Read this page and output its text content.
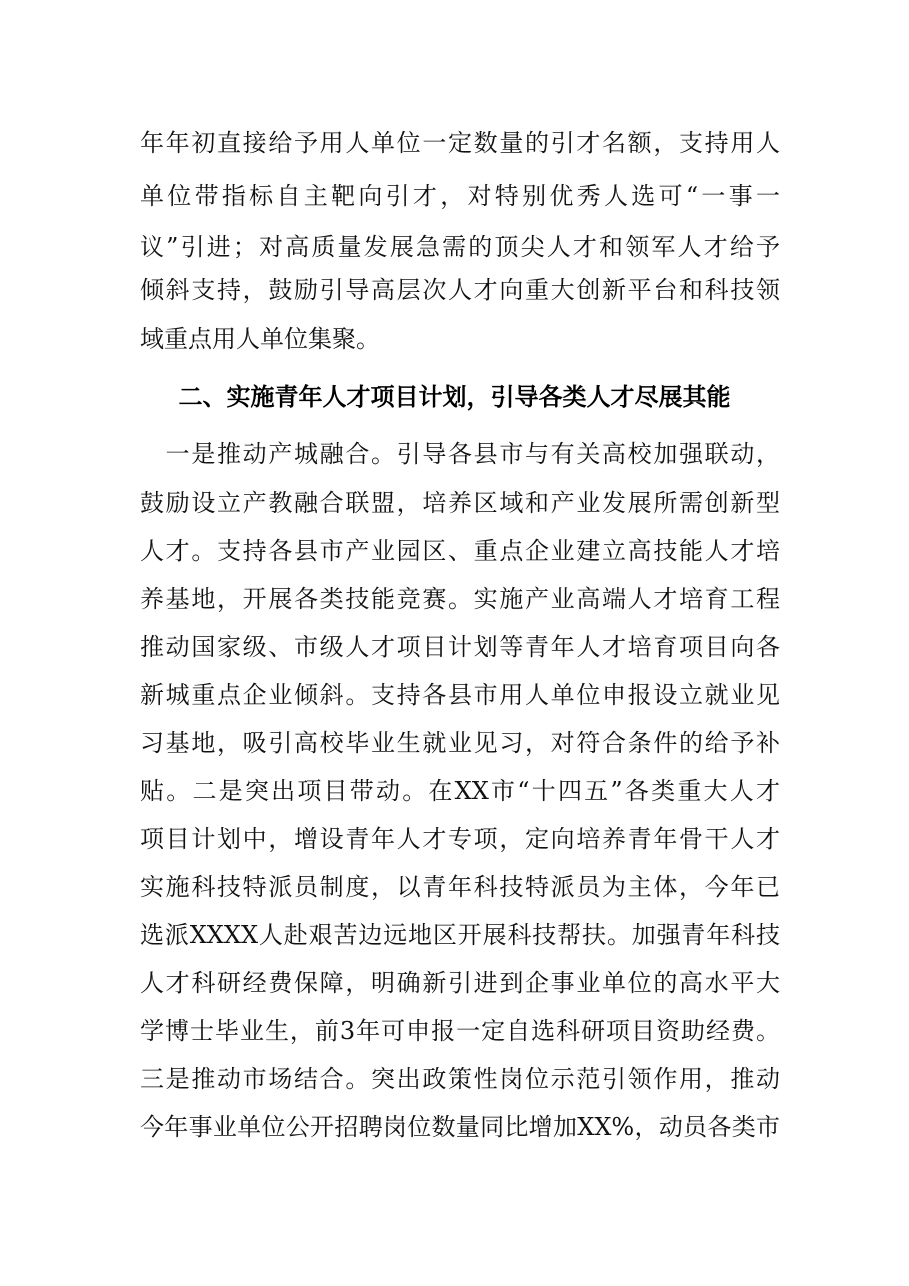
年年初直接给予用人单位一定数量的引才名额，支持用人
单位带指标自主靶向引才，对特别优秀人选可“一事一
议”引进；对高质量发展急需的顶尖人才和领军人才给予
倾斜支持，鼓励引导高层次人才向重大创新平台和科技领
域重点用人单位集聚。
二、实施青年人才项目计划，引导各类人才尽展其能
　一是推动产城融合。引导各县市与有关高校加强联动，
鼓励设立产教融合联盟，培养区域和产业发展所需创新型
人才。支持各县市产业园区、重点企业建立高技能人才培
养基地，开展各类技能竞赛。实施产业高端人才培育工程
推动国家级、市级人才项目计划等青年人才培育项目向各
新城重点企业倾斜。支持各县市用人单位申报设立就业见
习基地，吸引高校毕业生就业见习，对符合条件的给予补
贴。二是突出项目带动。在XX市“十四五”各类重大人才
项目计划中，增设青年人才专项，定向培养青年骨干人才
实施科技特派员制度，以青年科技特派员为主体，今年已
选派XXXX人赴艰苦边远地区开展科技帮扶。加强青年科技
人才科研经费保障，明确新引进到企事业单位的高水平大
学博士毕业生，前3年可申报一定自选科研项目资助经费。
三是推动市场结合。突出政策性岗位示范引领作用，推动
今年事业单位公开招聘岗位数量同比增加XX%，动员各类市
